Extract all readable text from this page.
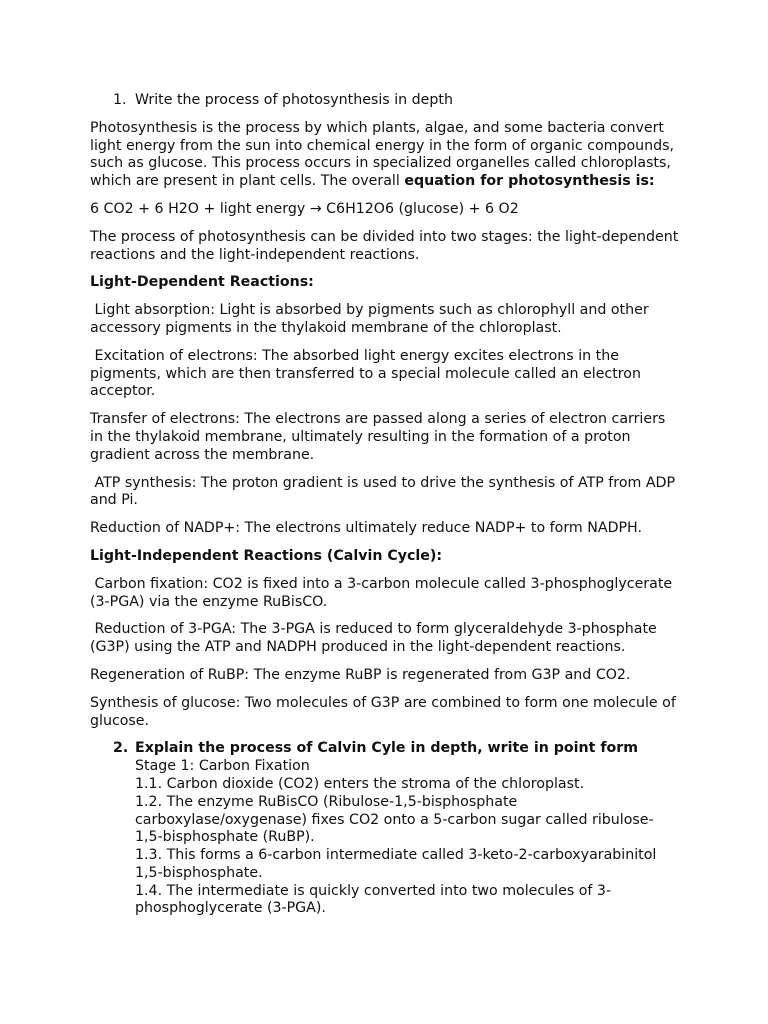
1. Write the process of photosynthesis in depth

Photosynthesis is the process by which plants, algae, and some bacteria convert light energy from the sun into chemical energy in the form of organic compounds, such as glucose. This process occurs in specialized organelles called chloroplasts, which are present in plant cells. The overall equation for photosynthesis is:

6 CO2 + 6 H2O + light energy → C6H12O6 (glucose) + 6 O2

The process of photosynthesis can be divided into two stages: the light-dependent reactions and the light-independent reactions.

Light-Dependent Reactions:

Light absorption: Light is absorbed by pigments such as chlorophyll and other accessory pigments in the thylakoid membrane of the chloroplast.

Excitation of electrons: The absorbed light energy excites electrons in the pigments, which are then transferred to a special molecule called an electron acceptor.

Transfer of electrons: The electrons are passed along a series of electron carriers in the thylakoid membrane, ultimately resulting in the formation of a proton gradient across the membrane.

ATP synthesis: The proton gradient is used to drive the synthesis of ATP from ADP and Pi.

Reduction of NADP+: The electrons ultimately reduce NADP+ to form NADPH.

Light-Independent Reactions (Calvin Cycle):

Carbon fixation: CO2 is fixed into a 3-carbon molecule called 3-phosphoglycerate (3-PGA) via the enzyme RuBisCO.

Reduction of 3-PGA: The 3-PGA is reduced to form glyceraldehyde 3-phosphate (G3P) using the ATP and NADPH produced in the light-dependent reactions.

Regeneration of RuBP: The enzyme RuBP is regenerated from G3P and CO2.

Synthesis of glucose: Two molecules of G3P are combined to form one molecule of glucose.

2. Explain the process of Calvin Cyle in depth, write in point form

Stage 1: Carbon Fixation

1.1. Carbon dioxide (CO2) enters the stroma of the chloroplast.

1.2. The enzyme RuBisCO (Ribulose-1,5-bisphosphate carboxylase/oxygenase) fixes CO2 onto a 5-carbon sugar called ribulose-1,5-bisphosphate (RuBP).

1.3. This forms a 6-carbon intermediate called 3-keto-2-carboxyarabinitol 1,5-bisphosphate.

1.4. The intermediate is quickly converted into two molecules of 3-phosphoglycerate (3-PGA).
